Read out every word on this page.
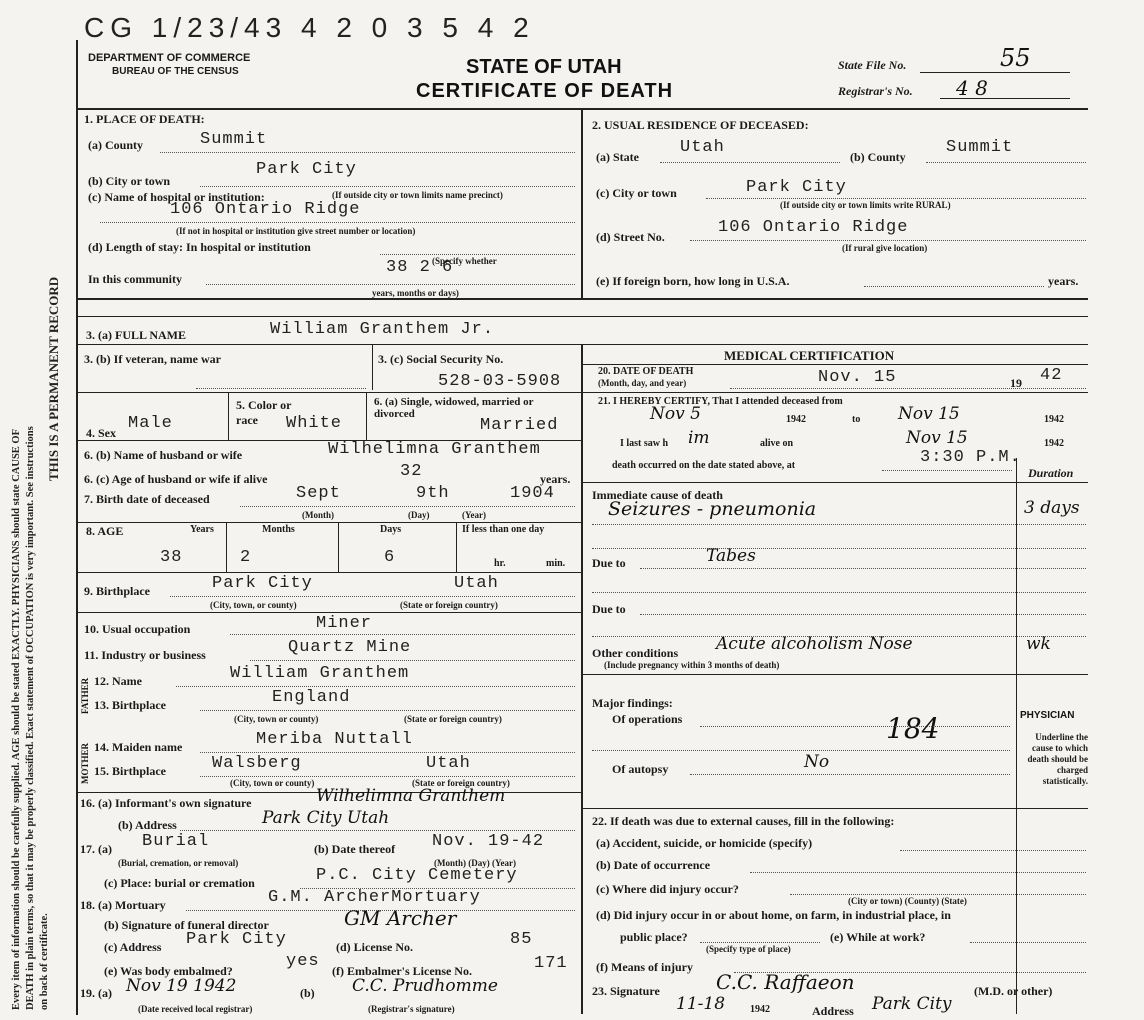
Every item of information should be carefully supplied. AGE should be stated EXACTLY. PHYSICIANS should state CAUSE OF DEATH in plain terms, so that it may be properly classified. Exact statement of OCCUPATION is very important. See instructions on back of certificate.
THIS IS A PERMANENT RECORD
CG 1/23/43 4 2 0 3 5 4 2
DEPARTMENT OF COMMERCE
BUREAU OF THE CENSUS	STATE OF UTAH
CERTIFICATE OF DEATH
State File No.	55
Registrar's No. 4 8
1. PLACE OF DEATH:
(a) County	Summit
(b) City or town
Park City
(c) Name of hospital or institution:	(If outside city or town limits name precinct)
106 Ontario Ridge
(If not in hospital or institution give street number or location)
(d) Length of stay: In hospital or institution
In this community
38 2 6
(Specify whether
years, months or days)
2. USUAL RESIDENCE OF DECEASED:
(a) State Utah	(b) County Summit
(c) City or town	Park City
(If outside city or town limits write RURAL)
(d) Street No.	106 Ontario Ridge
(If rural give location)
(e) If foreign born, how long in U.S.A.	years.
3. (a) FULL NAME	William Granthem Jr.
3. (b) If veteran, name war	3. (c) Social Security No.
528-03-5908
4. Sex Male
5. Color or race	White
6. (a) Single, widowed, married or divorced
Married
6. (b) Name of husband or wife	Wilhelimna Granthem
6. (c) Age of husband or wife if alive	32	years.
7. Birth date of deceased	Sept	9th	1904
(Month)	(Day)	(Year)
8. AGE	Years	Months	Days	If less than one day
38	2	6	hr.	min.
9. Birthplace	Park City	Utah
(City, town, or county)	(State or foreign country)
10. Usual occupation	Miner
11. Industry or business	Quartz Mine
FATHER 12. Name	William Granthem
13. Birthplace	England
(City, town or county)	(State or foreign country)
MOTHER 14. Maiden name	Meriba Nuttall
15. Birthplace	Walsberg	Utah
(City, town or county)	(State or foreign country)
16. (a) Informant's own signature	Wilhelimna Granthem
(b) Address	Park City Utah
17. (a) Burial
(Burial, cremation, or removal)
(b) Date thereof Nov. 19-42
(Month) (Day) (Year)
(c) Place: burial or cremation	P.C. City Cemetery
18. (a) Mortuary	G.M. ArcherMortuary
(b) Signature of funeral director	GM Archer
(c) Address Park City	(d) License No.	85
(e) Was body embalmed?	yes (f) Embalmer's License No.	171
19. (a) Nov 19 1942
(Date received local registrar)
(b) C.C. Prudhomme
(Registrar's signature)
MEDICAL CERTIFICATION
20. DATE OF DEATH
(Month, day, and year)	Nov. 15	19 42
21. I HEREBY CERTIFY, That I attended deceased from
Nov 5	1942	to Nov 15	1942
I last saw h im	alive on	Nov 15	1942
death occurred on the date stated above, at	3:30 P.M.
Duration
Immediate cause of death
Seizures - pneumonia	3 days
Due to	Tabes
Due to
Other conditions Acute alcoholism Nose	wk
(Include pregnancy within 3 months of death)
Major findings:
Of operations	184
Of autopsy	No
PHYSICIAN
Underline the cause to which death should be charged statistically.
22. If death was due to external causes, fill in the following:
(a) Accident, suicide, or homicide (specify)
(b) Date of occurrence
(c) Where did injury occur?
(City or town) (County) (State)
(d) Did injury occur in or about home, on farm, in industrial place, in
public place?
(Specify type of place)
(e) While at work?
(f) Means of injury
23. Signature	C.C. Raffaeon	(M.D. or other)
11-18 1942	Address Park City
